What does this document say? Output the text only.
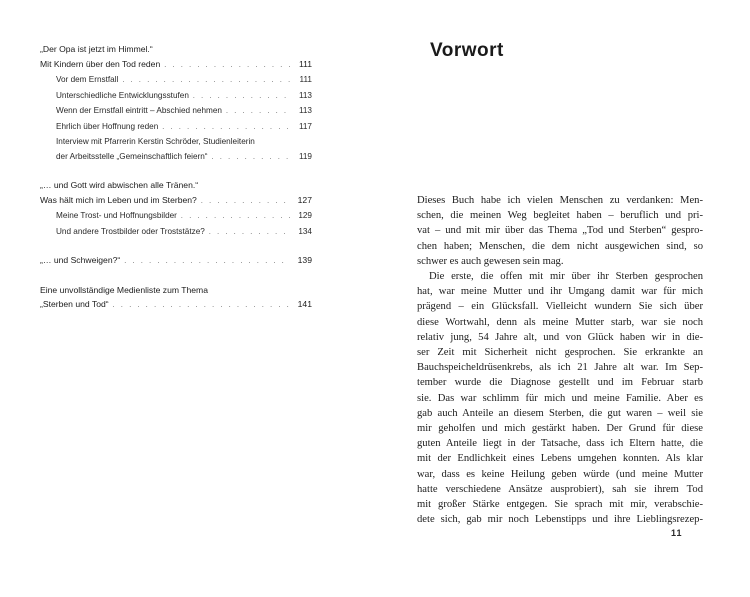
„Der Opa ist jetzt im Himmel.“
Mit Kindern über den Tod reden . . .	111
Vor dem Ernstfall . . .	111
Unterschiedliche Entwicklungsstufen . . .	113
Wenn der Ernstfall eintritt – Abschied nehmen . . .	113
Ehrlich über Hoffnung reden . . .	117
Interview mit Pfarrerin Kerstin Schröder, Studienleiterin
der Arbeitsstelle „Gemeinschaftlich feiern“ . . .	119
„… und Gott wird abwischen alle Tränen.“
Was hält mich im Leben und im Sterben? . . .	127
Meine Trost- und Hoffnungsbilder . . .	129
Und andere Trostbilder oder Troststätze? . . .	134
„… und Schweigen?“ . . .	139
Eine unvollständige Medienliste zum Thema
„Sterben und Tod“ . . .	141
Vorwort
Dieses Buch habe ich vielen Menschen zu verdanken: Men-
schen, die meinen Weg begleitet haben – beruflich und pri-
vat – und mit mir über das Thema „Tod und Sterben“ gespro-
chen haben; Menschen, die dem nicht ausgewichen sind, so
schwer es auch gewesen sein mag.
Die erste, die offen mit mir über ihr Sterben gesprochen
hat, war meine Mutter und ihr Umgang damit war für mich
prägend – ein Glücksfall. Vielleicht wundern Sie sich über
diese Wortwahl, denn als meine Mutter starb, war sie noch
relativ jung, 54 Jahre alt, und von Glück haben wir in die-
ser Zeit mit Sicherheit nicht gesprochen. Sie erkrankte an
Bauchspeicheldrüsenkrebs, als ich 21 Jahre alt war. Im Sep-
tember wurde die Diagnose gestellt und im Februar starb
sie. Das war schlimm für mich und meine Familie. Aber es
gab auch Anteile an diesem Sterben, die gut waren – weil sie
mir geholfen und mich gestärkt haben. Der Grund für diese
guten Anteile liegt in der Tatsache, dass ich Eltern hatte, die
mit der Endlichkeit eines Lebens umgehen konnten. Als klar
war, dass es keine Heilung geben würde (und meine Mutter
hatte verschiedene Ansätze ausprobiert), sah sie ihrem Tod
mit großer Stärke entgegen. Sie sprach mit mir, verabschie-
dete sich, gab mir noch Lebenstipps und ihre Lieblingsrezep-
11
